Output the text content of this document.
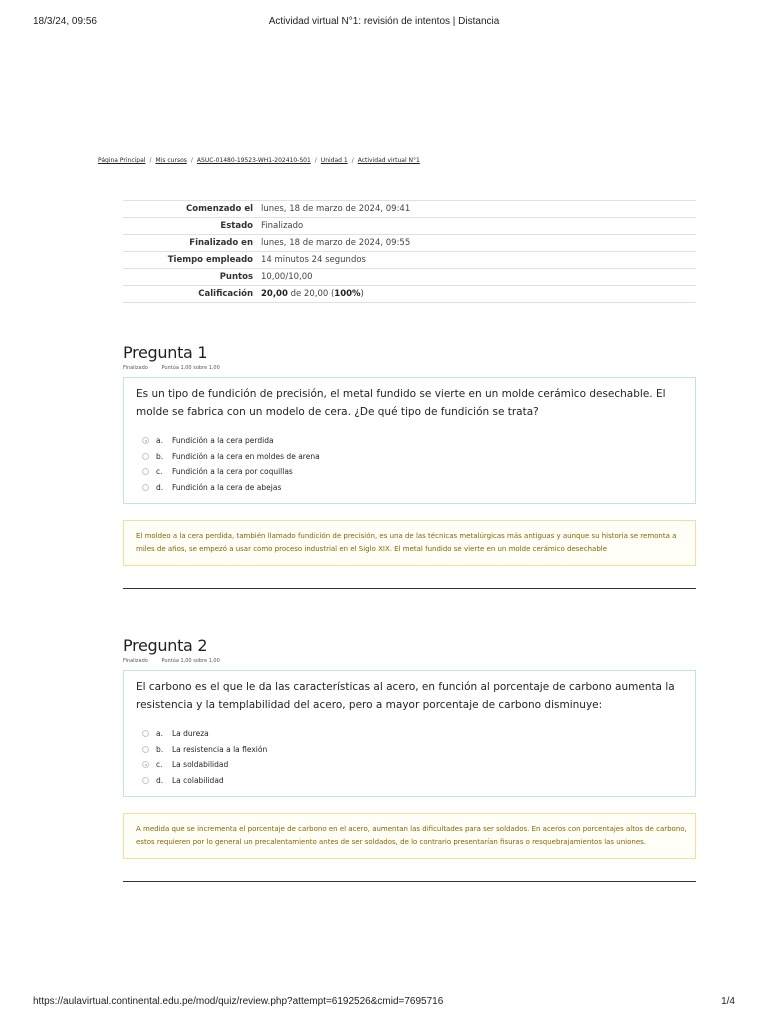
18/3/24, 09:56	Actividad virtual N°1: revisión de intentos | Distancia
Página Principal / Mis cursos / ASUC-01480-19523-WH1-202410-S01 / Unidad 1 / Actividad virtual N°1
Comenzado el	lunes, 18 de marzo de 2024, 09:41
Estado	Finalizado
Finalizado en	lunes, 18 de marzo de 2024, 09:55
Tiempo empleado	14 minutos 24 segundos
Puntos	10,00/10,00
Calificación	20,00 de 20,00 (100%)
Pregunta 1
Finalizado	Puntúa 1,00 sobre 1,00

Es un tipo de fundición de precisión, el metal fundido se vierte en un molde cerámico desechable. El molde se fabrica con un modelo de cera. ¿De qué tipo de fundición se trata?

a.	Fundición a la cera perdida
b.	Fundición a la cera en moldes de arena
c.	Fundición a la cera por coquillas
d.	Fundición a la cera de abejas
El moldeo a la cera perdida, también llamado fundición de precisión, es una de las técnicas metalúrgicas más antiguas y aunque su historia se remonta a miles de años, se empezó a usar como proceso industrial en el Siglo XIX. El metal fundido se vierte en un molde cerámico desechable
Pregunta 2
Finalizado	Puntúa 1,00 sobre 1,00

El carbono es el que le da las características al acero, en función al porcentaje de carbono aumenta la resistencia y la templabilidad del acero, pero a mayor porcentaje de carbono disminuye:

a.	La dureza
b.	La resistencia a la flexión
c.	La soldabilidad
d.	La colabilidad
A medida que se incrementa el porcentaje de carbono en el acero, aumentan las dificultades para ser soldados. En aceros con porcentajes altos de carbono, estos requieren por lo general un precalentamiento antes de ser soldados, de lo contrario presentarían fisuras o resquebrajamientos las uniones.
https://aulavirtual.continental.edu.pe/mod/quiz/review.php?attempt=6192526&cmid=7695716	1/4
